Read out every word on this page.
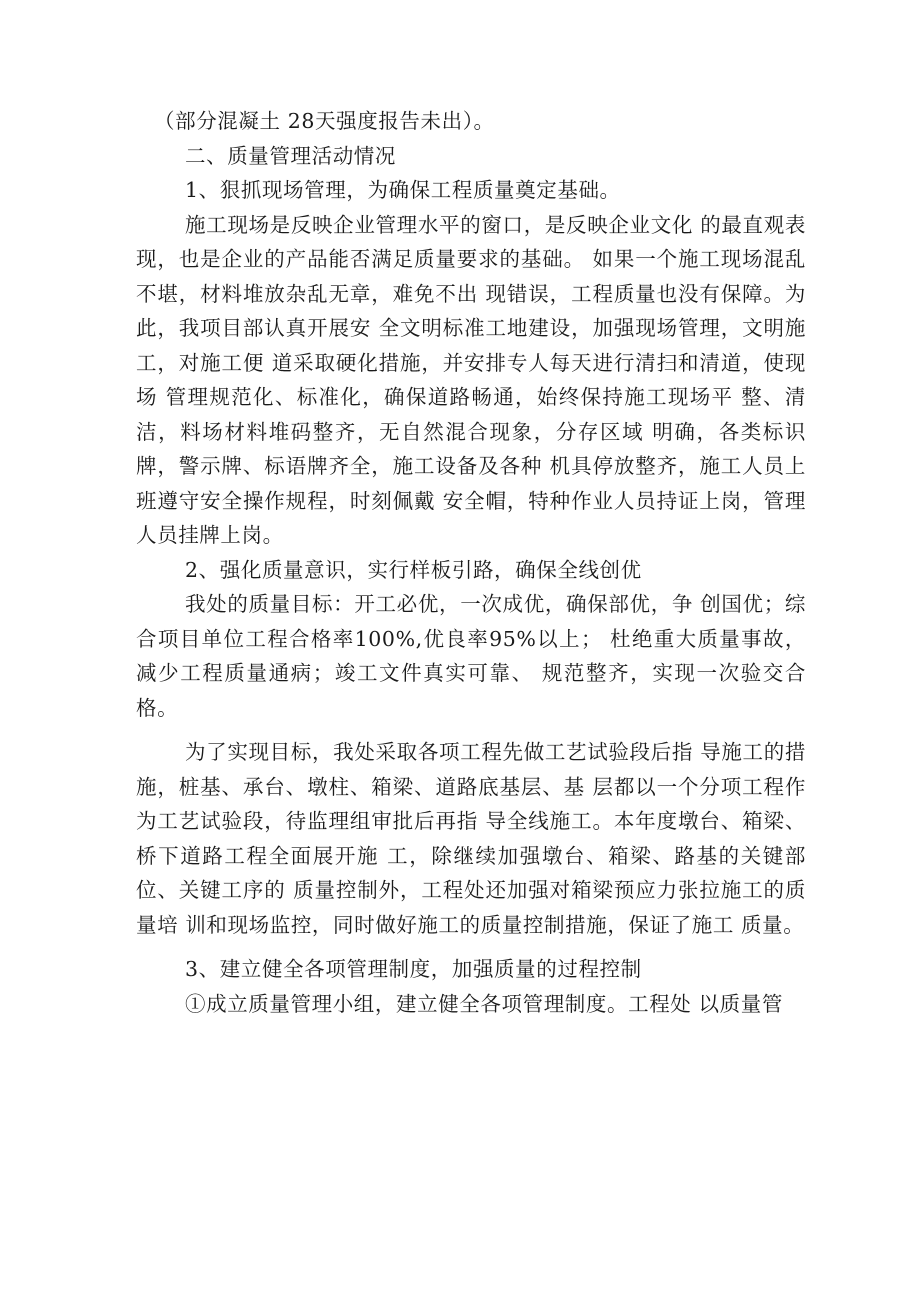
（部分混凝土 28天强度报告未出）。

二、质量管理活动情况

1、狠抓现场管理，为确保工程质量奠定基础。

施工现场是反映企业管理水平的窗口，是反映企业文化 的最直观表现，也是企业的产品能否满足质量要求的基础。 如果一个施工现场混乱不堪，材料堆放杂乱无章，难免不出 现错误，工程质量也没有保障。为此，我项目部认真开展安 全文明标准工地建设，加强现场管理，文明施工，对施工便 道采取硬化措施，并安排专人每天进行清扫和清道，使现场 管理规范化、标准化，确保道路畅通，始终保持施工现场平 整、清洁，料场材料堆码整齐，无自然混合现象，分存区域 明确，各类标识牌，警示牌、标语牌齐全，施工设备及各种 机具停放整齐，施工人员上班遵守安全操作规程，时刻佩戴 安全帽，特种作业人员持证上岗，管理人员挂牌上岗。

2、强化质量意识，实行样板引路，确保全线创优

我处的质量目标：开工必优，一次成优，确保部优，争 创国优；综合项目单位工程合格率100%,优良率95%以上； 杜绝重大质量事故，减少工程质量通病；竣工文件真实可靠、 规范整齐，实现一次验交合格。

为了实现目标，我处采取各项工程先做工艺试验段后指 导施工的措施，桩基、承台、墩柱、箱梁、道路底基层、基 层都以一个分项工程作为工艺试验段，待监理组审批后再指 导全线施工。本年度墩台、箱梁、桥下道路工程全面展开施 工，除继续加强墩台、箱梁、路基的关键部位、关键工序的 质量控制外，工程处还加强对箱梁预应力张拉施工的质量培 训和现场监控，同时做好施工的质量控制措施，保证了施工 质量。

3、建立健全各项管理制度，加强质量的过程控制

①成立质量管理小组，建立健全各项管理制度。工程处 以质量管
